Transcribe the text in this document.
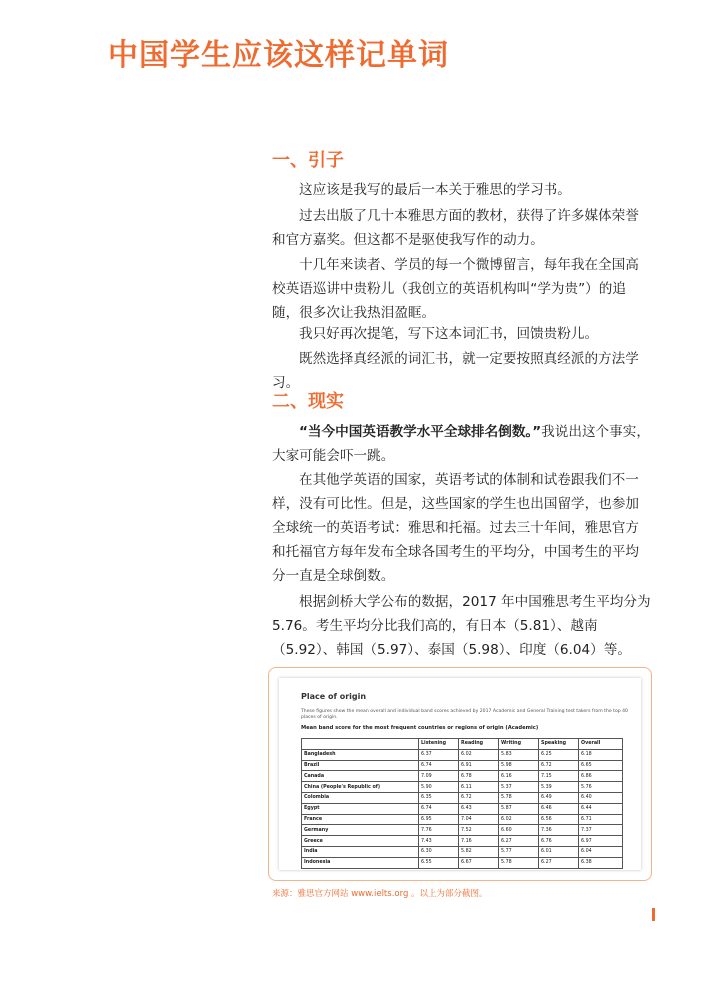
中国学生应该这样记单词
一、引子

这应该是我写的最后一本关于雅思的学习书。

过去出版了几十本雅思方面的教材，获得了许多媒体荣誉和官方嘉奖。但这都不是驱使我写作的动力。

十几年来读者、学员的每一个微博留言，每年我在全国高校英语巡讲中贵粉儿（我创立的英语机构叫“学为贵”）的追随，很多次让我热泪盈眶。

我只好再次提笔，写下这本词汇书，回馈贵粉儿。

既然选择真经派的词汇书，就一定要按照真经派的方法学习。

二、现实

“当今中国英语教学水平全球排名倒数。”我说出这个事实，大家可能会吓一跳。

在其他学英语的国家，英语考试的体制和试卷跟我们不一样，没有可比性。但是，这些国家的学生也出国留学，也参加全球统一的英语考试：雅思和托福。过去三十年间，雅思官方和托福官方每年发布全球各国考生的平均分，中国考生的平均分一直是全球倒数。

根据剑桥大学公布的数据，2017 年中国雅思考生平均分为 5.76。考生平均分比我们高的，有日本（5.81）、越南（5.92）、韩国（5.97）、泰国（5.98）、印度（6.04）等。

Place of origin
These figures show the mean overall and individual band scores achieved by 2017 Academic and General Training test takers from the top 40 places of origin.
Mean band score for the most frequent countries or regions of origin (Academic)
	Listening	Reading	Writing	Speaking	Overall
Bangladesh	6.37	6.02	5.83	6.25	6.18
Brazil	6.74	6.91	5.98	6.72	6.65
Canada	7.09	6.78	6.16	7.15	6.86
China (People's Republic of)	5.90	6.11	5.37	5.39	5.76
Colombia	6.35	6.72	5.78	6.49	6.40
Egypt	6.74	6.43	5.87	6.46	6.44
France	6.95	7.04	6.02	6.56	6.71
Germany	7.76	7.52	6.60	7.36	7.37
Greece	7.43	7.16	6.27	6.76	6.97
India	6.30	5.82	5.77	6.01	6.04
Indonesia	6.55	6.67	5.78	6.27	6.38
来源：雅思官方网站 www.ielts.org 。以上为部分截图。
